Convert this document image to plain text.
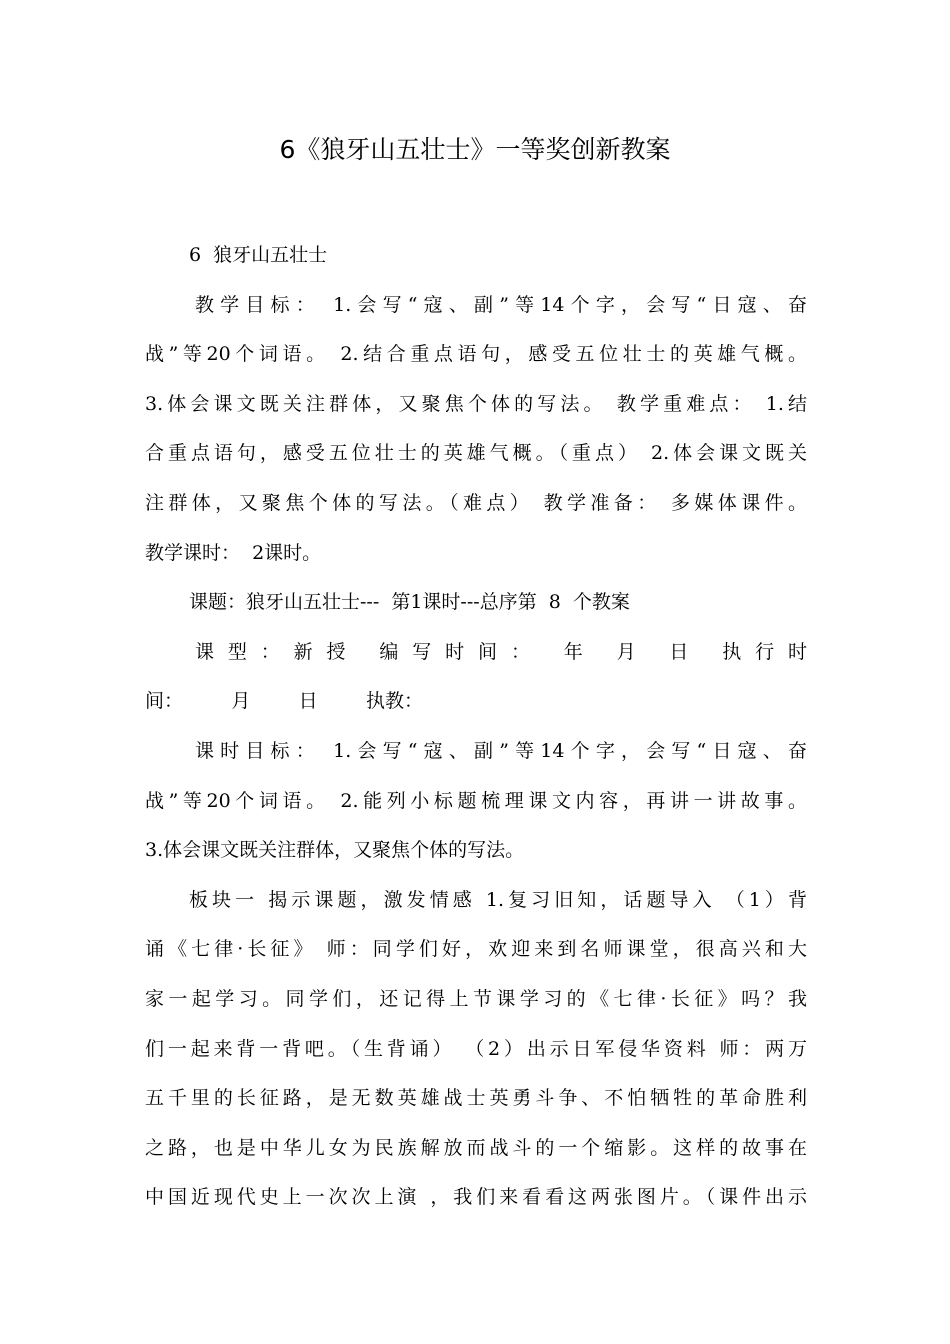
6《狼牙山五壮士》一等奖创新教案
6  狼牙山五壮士
教学目标： 1.会写“寇、副”等14个字，会写“日寇、奋
战”等20个词语。 2.结合重点语句，感受五位壮士的英雄气概。
3.体会课文既关注群体，又聚焦个体的写法。 教学重难点： 1.结
合重点语句，感受五位壮士的英雄气概。（重点） 2.体会课文既关
注群体，又聚焦个体的写法。（难点） 教学准备： 多媒体课件。
教学课时：  2课时。
课题：狼牙山五壮士---  第1课时---总序第  8  个教案
课型：新授 编写时间： 年 月 日 执行时
间：        月        日        执教：
课时目标： 1.会写“寇、副”等14个字，会写“日寇、奋
战”等20个词语。 2.能列小标题梳理课文内容，再讲一讲故事。
3.体会课文既关注群体，又聚焦个体的写法。
板块一 揭示课题，激发情感 1.复习旧知，话题导入 （1）背
诵《七律·长征》 师：同学们好，欢迎来到名师课堂，很高兴和大
家一起学习。同学们，还记得上节课学习的《七律·长征》吗？我
们一起来背一背吧。（生背诵） （2）出示日军侵华资料 师：两万
五千里的长征路，是无数英雄战士英勇斗争、不怕牺牲的革命胜利
之路，也是中华儿女为民族解放而战斗的一个缩影。这样的故事在
中国近现代史上一次次上演 ，我们来看看这两张图片。（课件出示
